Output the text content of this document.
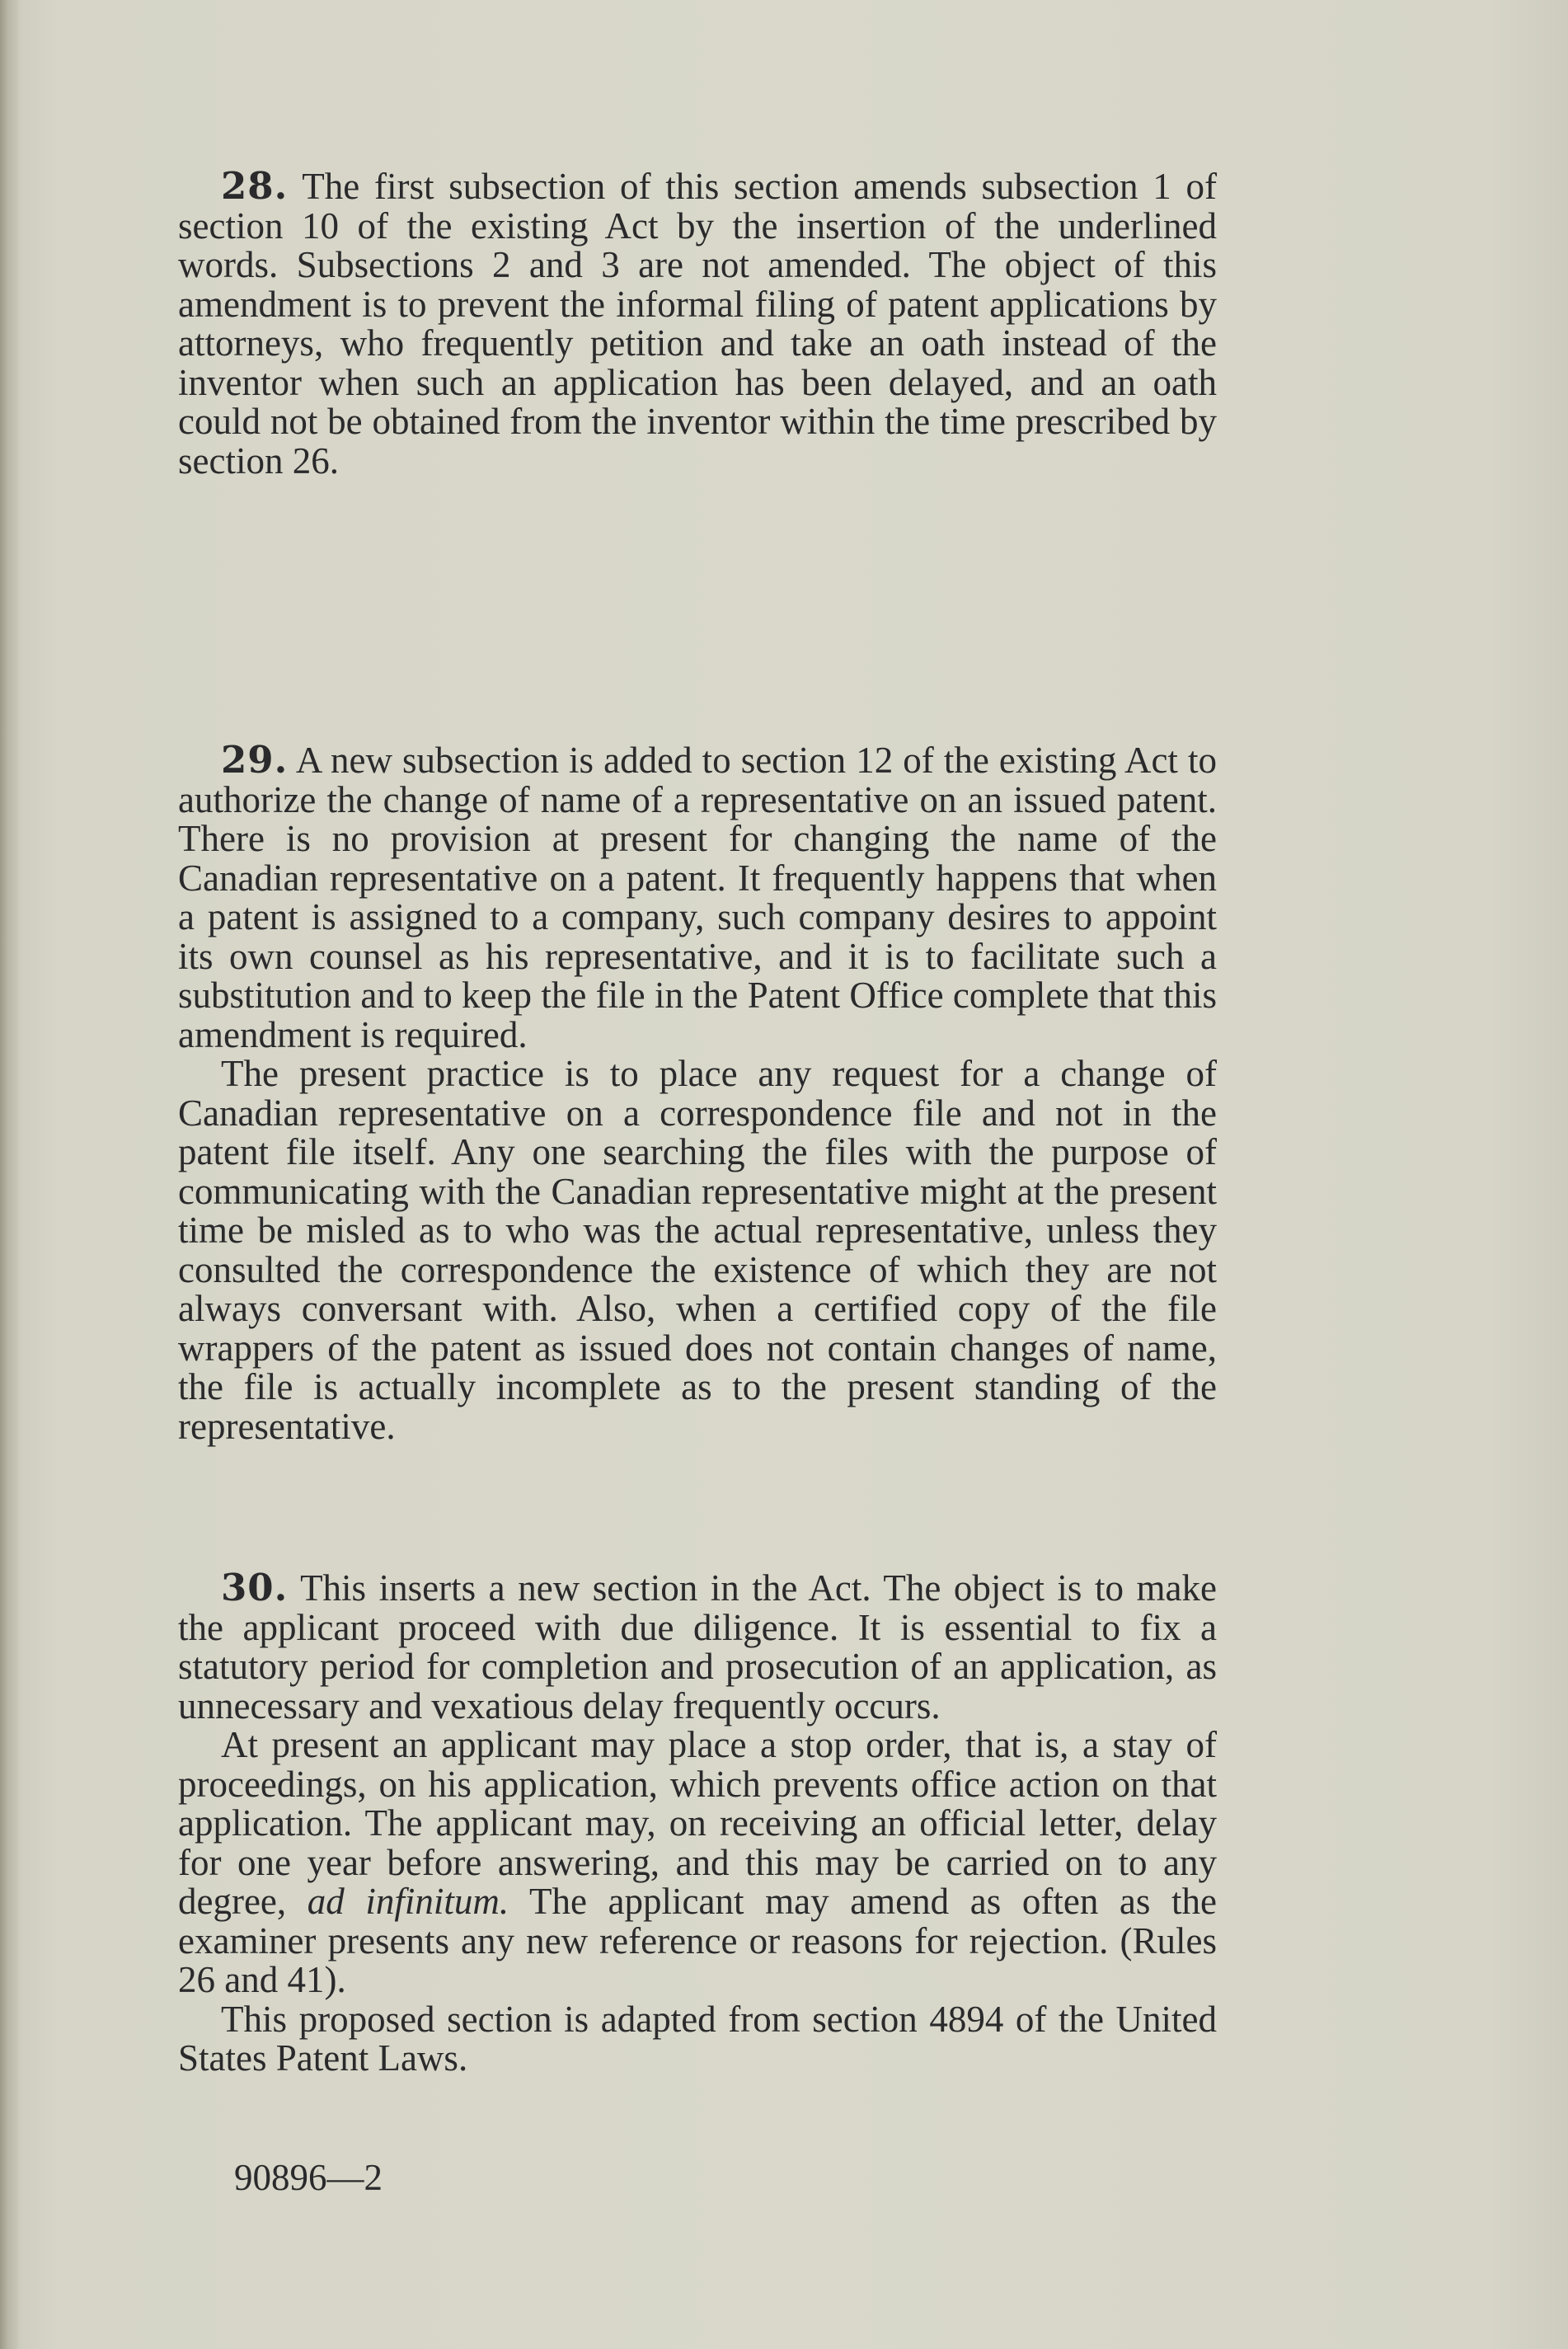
28. The first subsection of this section amends subsection 1 of section 10 of the existing Act by the insertion of the underlined words. Subsections 2 and 3 are not amended. The object of this amendment is to prevent the informal filing of patent applications by attorneys, who frequently petition and take an oath instead of the inventor when such an application has been delayed, and an oath could not be obtained from the inventor within the time prescribed by section 26.

29. A new subsection is added to section 12 of the existing Act to authorize the change of name of a representative on an issued patent. There is no provision at present for changing the name of the Canadian representative on a patent. It frequently happens that when a patent is assigned to a company, such company desires to appoint its own counsel as his representative, and it is to facilitate such a substitution and to keep the file in the Patent Office complete that this amendment is required.

The present practice is to place any request for a change of Canadian representative on a correspondence file and not in the patent file itself. Any one searching the files with the purpose of communicating with the Canadian representative might at the present time be misled as to who was the actual representative, unless they consulted the correspondence the existence of which they are not always conversant with. Also, when a certified copy of the file wrappers of the patent as issued does not contain changes of name, the file is actually incomplete as to the present standing of the representative.

30. This inserts a new section in the Act. The object is to make the applicant proceed with due diligence. It is essential to fix a statutory period for completion and prosecution of an application, as unnecessary and vexatious delay frequently occurs.

At present an applicant may place a stop order, that is, a stay of proceedings, on his application, which prevents office action on that application. The applicant may, on receiving an official letter, delay for one year before answering, and this may be carried on to any degree, ad infinitum. The applicant may amend as often as the examiner presents any new reference or reasons for rejection. (Rules 26 and 41).

This proposed section is adapted from section 4894 of the United States Patent Laws.

90896—2
